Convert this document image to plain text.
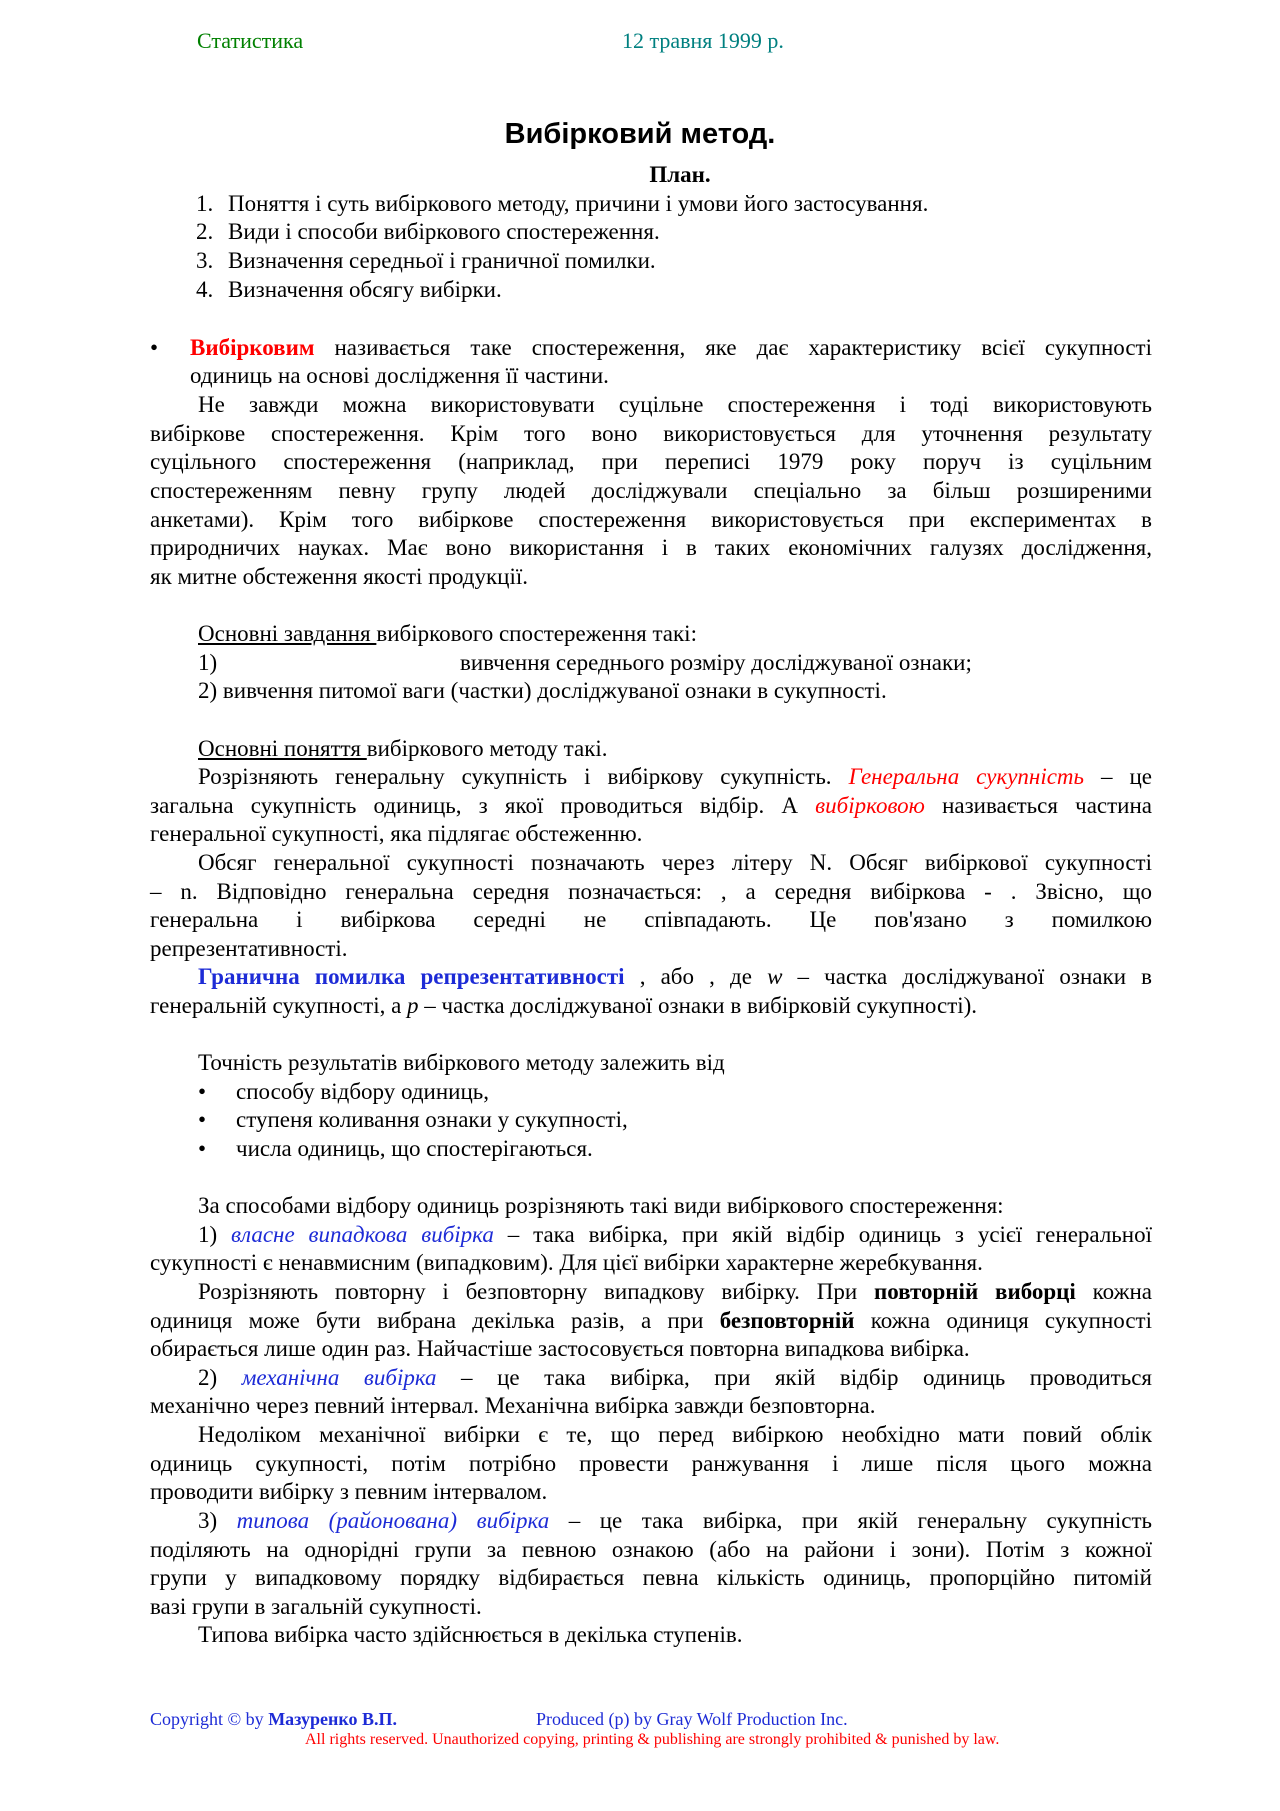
Статистика	12 травня 1999 р.
Вибірковий метод.
План.
1. Поняття і суть вибіркового методу, причини і умови його застосування.
2. Види і способи вибіркового спостереження.
3. Визначення середньої і граничної помилки.
4. Визначення обсягу вибірки.
• Вибірковим називається таке спостереження, яке дає характеристику всієї сукупності
одиниць на основі дослідження її частини.
Не завжди можна використовувати суцільне спостереження і тоді використовують
вибіркове спостереження. Крім того воно використовується для уточнення результату
суцільного спостереження (наприклад, при переписі 1979 року поруч із суцільним
спостереженням певну групу людей досліджували спеціально за більш розширеними
анкетами). Крім того вибіркове спостереження використовується при експериментах в
природничих науках. Має воно використання і в таких економічних галузях дослідження,
як митне обстеження якості продукції.
Основні завдання вибіркового спостереження такі:
1)	вивчення середнього розміру досліджуваної ознаки;
2) вивчення питомої ваги (частки) досліджуваної ознаки в сукупності.
Основні поняття вибіркового методу такі.
Розрізняють генеральну сукупність і вибіркову сукупність. Генеральна сукупність – це
загальна сукупність одиниць, з якої проводиться відбір. А вибірковою називається частина
генеральної сукупності, яка підлягає обстеженню.
Обсяг генеральної сукупності позначають через літеру N. Обсяг вибіркової сукупності
– n. Відповідно генеральна середня позначається: , а середня вибіркова - . Звісно, що
генеральна і вибіркова середні не співпадають. Це пов'язано з помилкою
репрезентативності.
Гранична помилка репрезентативності , або , де w – частка досліджуваної ознаки в
генеральній сукупності, а p – частка досліджуваної ознаки в вибірковій сукупності).
Точність результатів вибіркового методу залежить від
• способу відбору одиниць,
• ступеня коливання ознаки у сукупності,
• числа одиниць, що спостерігаються.
За способами відбору одиниць розрізняють такі види вибіркового спостереження:
1) власне випадкова вибірка – така вибірка, при якій відбір одиниць з усієї генеральної
сукупності є ненавмисним (випадковим). Для цієї вибірки характерне жеребкування.
Розрізняють повторну і безповторну випадкову вибірку. При повторній виборці кожна
одиниця може бути вибрана декілька разів, а при безповторній кожна одиниця сукупності
обирається лише один раз. Найчастіше застосовується повторна випадкова вибірка.
2) механічна вибірка – це така вибірка, при якій відбір одиниць проводиться
механічно через певний інтервал. Механічна вибірка завжди безповторна.
Недоліком механічної вибірки є те, що перед вибіркою необхідно мати повий облік
одиниць сукупності, потім потрібно провести ранжування і лише після цього можна
проводити вибірку з певним інтервалом.
3) типова (районована) вибірка – це така вибірка, при якій генеральну сукупність
поділяють на однорідні групи за певною ознакою (або на райони і зони). Потім з кожної
групи у випадковому порядку відбирається певна кількість одиниць, пропорційно питомій
вазі групи в загальній сукупності.
Типова вибірка часто здійснюється в декілька ступенів.
Copyright © by Мазуренко В.П.	Produced (p) by Gray Wolf Production Inc.
All rights reserved. Unauthorized copying, printing & publishing are strongly prohibited & punished by law.
